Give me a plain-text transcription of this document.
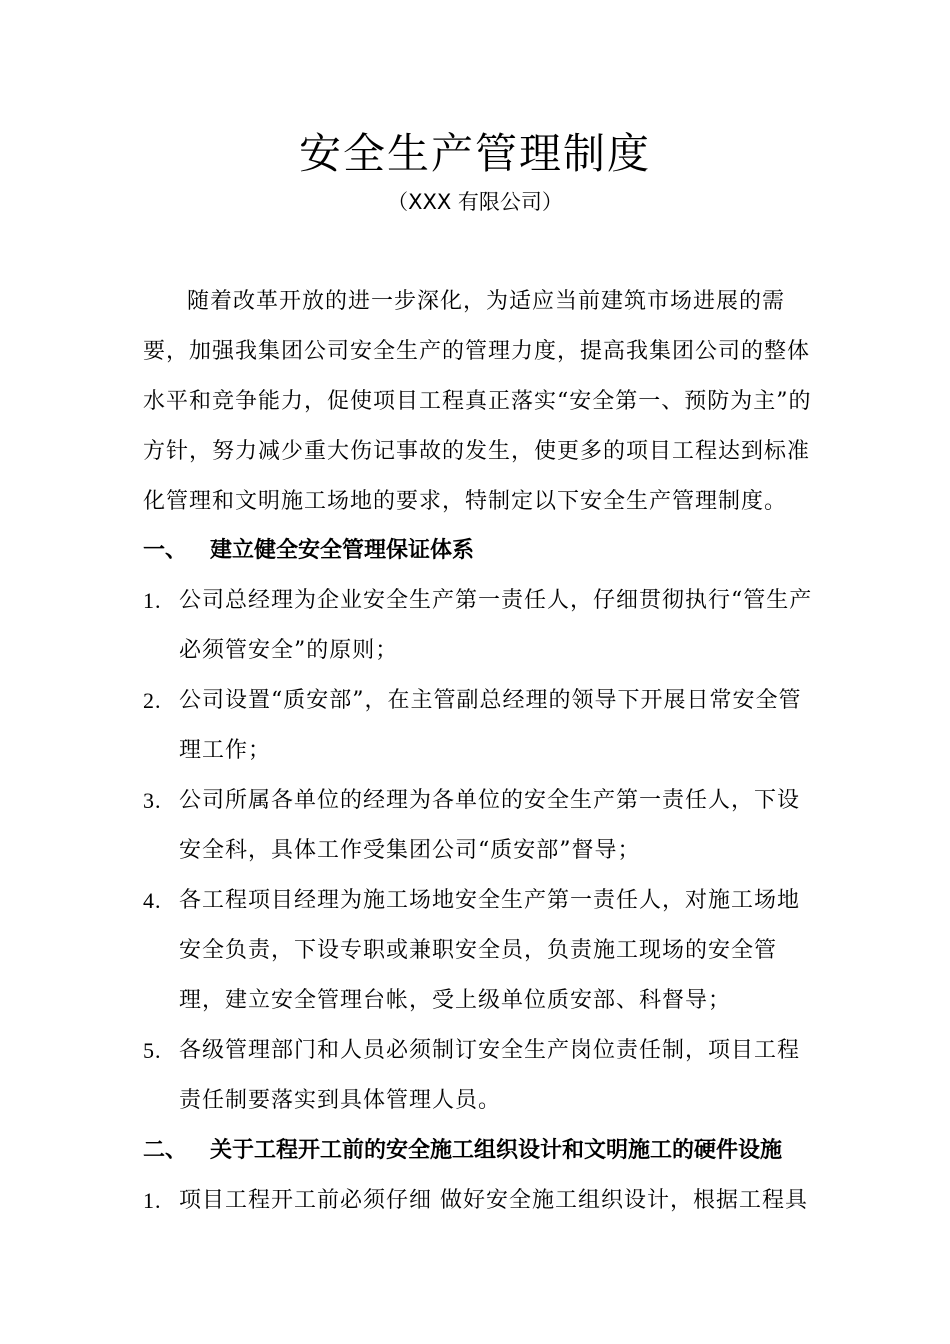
安全生产管理制度
（XXX 有限公司）
随着改革开放的进一步深化，为适应当前建筑市场进展的需要，加强我集团公司安全生产的管理力度，提高我集团公司的整体水平和竞争能力，促使项目工程真正落实“安全第一、预防为主”的方针，努力减少重大伤记事故的发生，使更多的项目工程达到标准化管理和文明施工场地的要求，特制定以下安全生产管理制度。
一、 建立健全安全管理保证体系
1. 公司总经理为企业安全生产第一责任人，仔细贯彻执行“管生产必须管安全”的原则；
2. 公司设置“质安部”，在主管副总经理的领导下开展日常安全管理工作；
3. 公司所属各单位的经理为各单位的安全生产第一责任人，下设安全科，具体工作受集团公司“质安部”督导；
4. 各工程项目经理为施工场地安全生产第一责任人，对施工场地安全负责，下设专职或兼职安全员，负责施工现场的安全管理，建立安全管理台帐，受上级单位质安部、科督导；
5. 各级管理部门和人员必须制订安全生产岗位责任制，项目工程责任制要落实到具体管理人员。
二、 关于工程开工前的安全施工组织设计和文明施工的硬件设施
1. 项目工程开工前必须仔细 做好安全施工组织设计，根据工程具
